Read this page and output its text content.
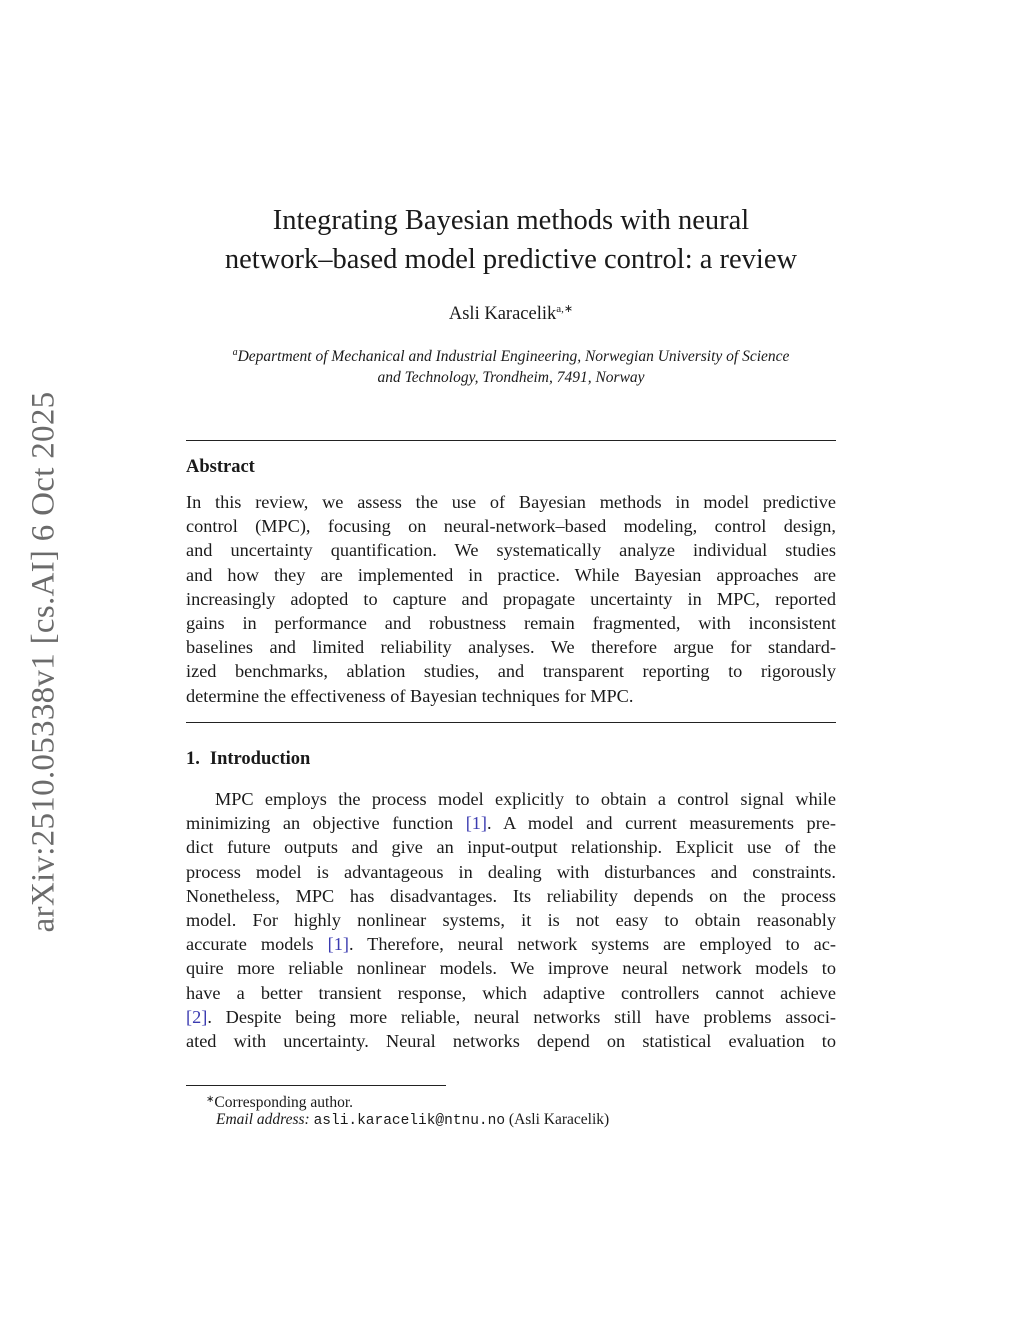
arXiv:2510.05338v1 [cs.AI] 6 Oct 2025
Integrating Bayesian methods with neural
network–based model predictive control: a review
Asli Karacelik$^{a,∗}$
$^a$Department of Mechanical and Industrial Engineering, Norwegian University of Science
and Technology, Trondheim, 7491, Norway
Abstract
In this review, we assess the use of Bayesian methods in model predictive
control (MPC), focusing on neural-network–based modeling, control design,
and uncertainty quantification. We systematically analyze individual studies
and how they are implemented in practice. While Bayesian approaches are
increasingly adopted to capture and propagate uncertainty in MPC, reported
gains in performance and robustness remain fragmented, with inconsistent
baselines and limited reliability analyses. We therefore argue for standard-
ized benchmarks, ablation studies, and transparent reporting to rigorously
determine the effectiveness of Bayesian techniques for MPC.
1. Introduction
MPC employs the process model explicitly to obtain a control signal while
minimizing an objective function [1]. A model and current measurements pre-
dict future outputs and give an input-output relationship. Explicit use of the
process model is advantageous in dealing with disturbances and constraints.
Nonetheless, MPC has disadvantages. Its reliability depends on the process
model. For highly nonlinear systems, it is not easy to obtain reasonably
accurate models [1]. Therefore, neural network systems are employed to ac-
quire more reliable nonlinear models. We improve neural network models to
have a better transient response, which adaptive controllers cannot achieve
[2]. Despite being more reliable, neural networks still have problems associ-
ated with uncertainty. Neural networks depend on statistical evaluation to
∗Corresponding author.
Email address: asli.karacelik@ntnu.no (Asli Karacelik)
